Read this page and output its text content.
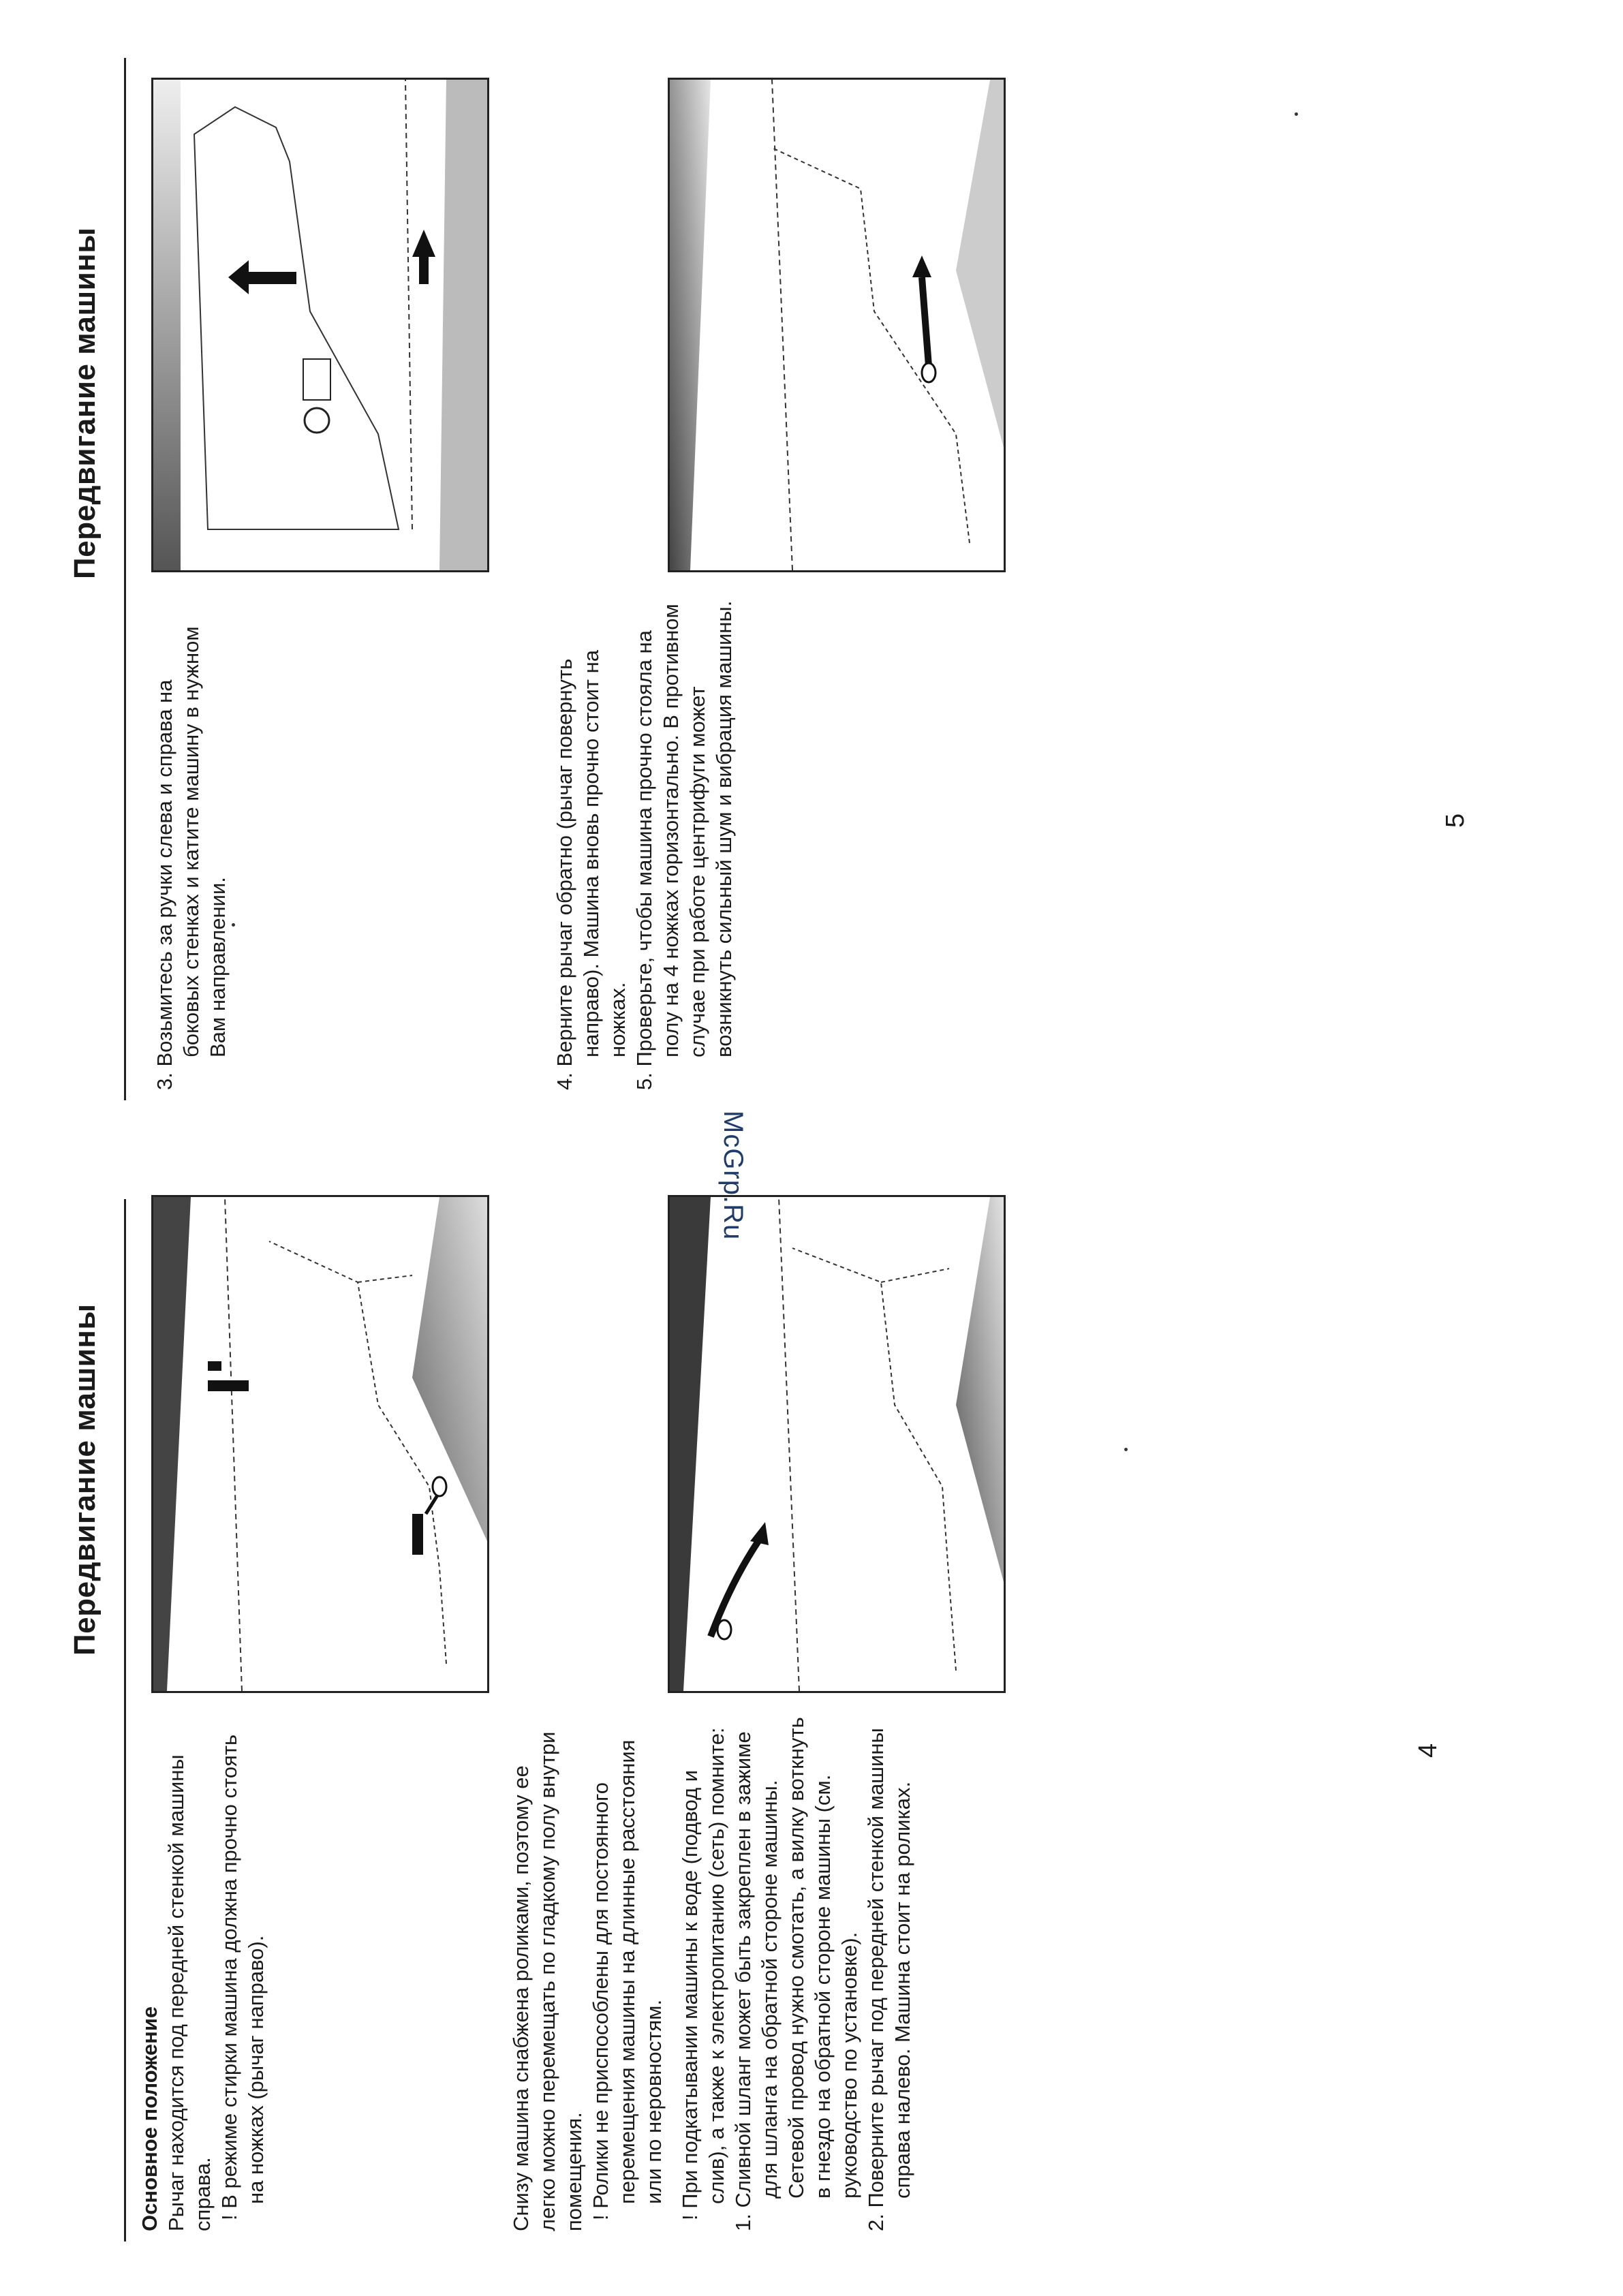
Передвигание машины

Основное положение Рычаг находится под передней стенкой машины справа. ! В режиме стирки машина должна прочно стоять на ножках (рычаг направо).	Снизу машина снабжена роликами, поэтому ее легко можно перемещать по гладкому полу внутри помещения. ! Ролики не приспособлены для постоянного перемещения машины на длинные расстояния или по неровностям. ! При подкатывании машины к воде (подвод и слив), а также к электропитанию (сеть) помните:

1. Сливной шланг может быть закреплен в зажиме для шланга на обратной стороне машины. Сетевой провод нужно смотать, а вилку воткнуть в гнездо на обратной стороне машины (см. руководство по установке).

2. Поверните рычаг под передней стенкой машины справа налево. Машина стоит на роликах.

4
Передвигание машины

3. Возьмитесь за ручки слева и справа на боковых стенках и катите машину в нужном Вам направлении.

4. Верните рычаг обратно (рычаг повернуть направо). Машина вновь прочно стоит на ножках.

5. Проверьте, чтобы машина прочно стояла на полу на 4 ножках горизонтально. В противном случае при работе центрифуги может возникнуть сильный шум и вибрация машины.	5
McGrp.Ru
